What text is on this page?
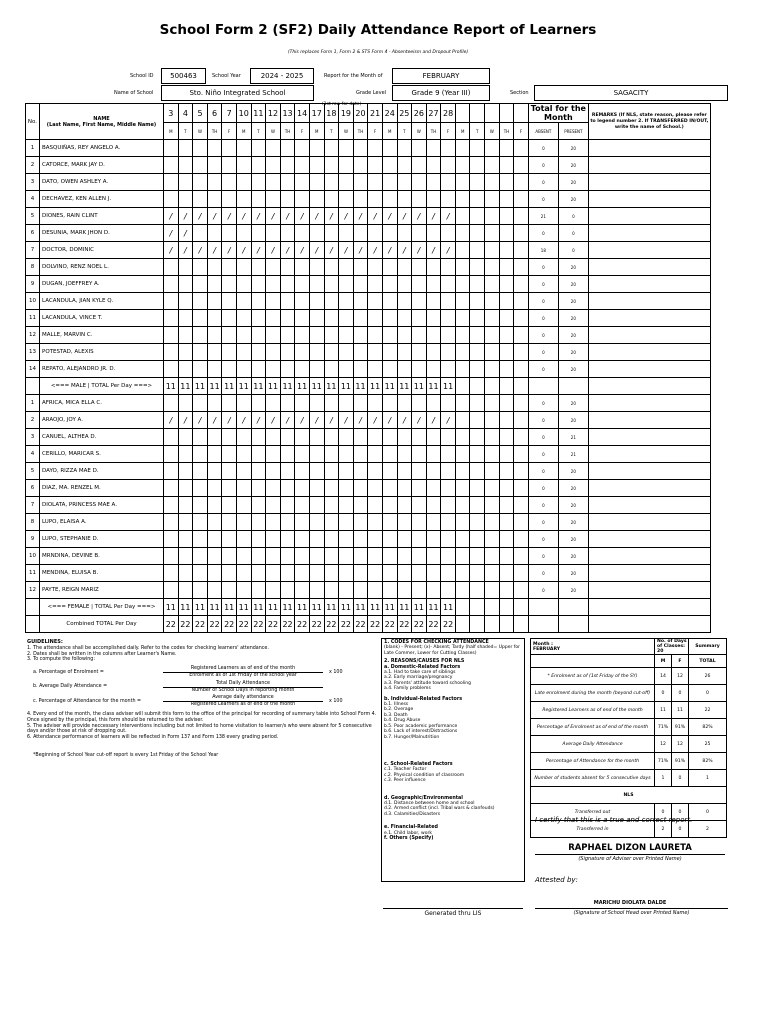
School Form 2 (SF2) Daily Attendance Report of Learners
(This replaces Form 1, Form 2 & STS Form 4 - Absenteeism and Dropout Profile)
School ID	500463	School Year	2024 - 2025	Report for the Month of	FEBRUARY
Name of School	Sto. Niño Integrated School	Grade Level	Grade 9 (Year III)	Section	SAGACITY
(1st row for date)
No.	NAME
(Last Name, First Name, Middle Name)	3	4	5	6	7	10	11	12	13	14	17	18	19	20	21	24	25	26	27	28						Total for the Month		REMARKS (If NLS, state reason, please refer to legend number 2. If TRANSFERRED IN/OUT, write the name of School.)
		M	T	W	TH	F	M	T	W	TH	F	M	T	W	TH	F	M	T	W	TH	F	M	T	W	TH	F	ABSENT	PRESENT	
1	BASQUIÑAS, REY ANGELO A.																										0	20	
2	CATORCE, MARK JAY D.																										0	20	
3	DATO, OWEN ASHLEY A.																										0	20	
4	DECHAVEZ, KEN ALLEN J.																										0	20	
5	DIONES, RAIN CLINT	/	/	/	/	/	/	/	/	/	/	/	/	/	/	/	/	/	/	/	/						21	0	
6	DESUNIA, MARK JHON D.	/	/																								0	0	
7	DOCTOR, DOMINIC	/	/	/	/	/	/	/	/	/	/	/	/	/	/	/	/	/	/	/	/						18	0	
8	DOLVINO, RENZ NOEL L.																										0	20	
9	DUGAN, JOEFFREY A.																										0	20	
10	LACANDULA, JIAN KYLE Q.																										0	20	
11	LACANDULA, VINCE T.																										0	20	
12	MALLE, MARVIN C.																										0	20	
13	POTESTAD, ALEXIS																										0	20	
14	REPATO, ALEJANDRO JR. D.																										0	20	
	<=== MALE | TOTAL Per Day ===>	11	11	11	11	11	11	11	11	11	11	11	11	11	11	11	11	11	11	11	11								
1	AFRICA, MICA ELLA C.																										0	20	
2	ARAOJO, JOY A.	/	/	/	/	/	/	/	/	/	/	/	/	/	/	/	/	/	/	/	/						0	20	
3	CANUEL, ALTHEA D.																										0	21	
4	CERILLO, MARICAR S.																										0	21	
5	DAYO, RIZZA MAE D.																										0	20	
6	DIAZ, MA. RENZEL M.																										0	20	
7	DIOLATA, PRINCESS MAE A.																										0	20	
8	LUPO, ELAISA A.																										0	20	
9	LUPO, STEPHANIE D.																										0	20	
10	MRNDINA, DEVINE B.																										0	20	
11	MENDINA, ELUISA B.																										0	20	
12	PAYTE, REIGN MARIZ																										0	20	
	<=== FEMALE | TOTAL Per Day ===>	11	11	11	11	11	11	11	11	11	11	11	11	11	11	11	11	11	11	11	11								
	Combined TOTAL Per Day	22	22	22	22	22	22	22	22	22	22	22	22	22	22	22	22	22	22	22	22								
GUIDELINES:
1. The attendance shall be accomplished daily. Refer to the codes for checking learners' attendance.
2. Dates shall be written in the columns after Learner's Name.
3. To compute the following:
a. Percentage of Enrolment =	$\frac{\text{Registered Learners as of end of the month}}{\text{Enrolment as of 1st Friday of the school year}}$ x 100
b. Average Daily Attendance =	$\frac{\text{Total Daily Attendance}}{\text{Number of School Days in reporting month}}$
c. Percentage of Attendance for the month =	$\frac{\text{Average daily attendance}}{\text{Registered Learners as of end of the month}}$ x 100
4. Every end of the month, the class adviser will submit this form to the office of the principal for recording of summary table into School Form 4. Once signed by the principal, this form should be returned to the adviser.
5. The adviser will provide neccessary interventions including but not limited to home visitation to learner/s who were absent for 5 consecutive days and/or those at risk of dropping out.
6. Attendance performance of learners will be reflected in Form 137 and Form 138 every grading period.
*Beginning of School Year cut-off report is every 1st Friday of the School Year
1. CODES FOR CHECKING ATTENDANCE
(blank) - Present; (x)- Absent; Tardy (half shaded= Upper for Late Commer, Lower for Cutting Classes)
2. REASONS/CAUSES FOR NLS
a. Domestic-Related Factors
a.1. Had to take care of siblings
a.2. Early marriage/pregnancy
a.3. Parents' attitude toward schooling
a.4. Family problems
b. Individual-Related Factors
b.1. Illness
b.2. Overage
b.3. Death
b.4. Drug Abuse
b.5. Poor academic performance
b.6. Lack of interest/Distractions
b.7. Hunger/Malnutrition
c. School-Related Factors
c.1. Teacher Factor
c.2. Physical condition of classroom
c.3. Peer influence
d. Geographic/Environmental
d.1. Distance between home and school
d.2. Armed conflict (incl. Tribal wars & clanfeuds)
d.3. Calamities/Disasters
e. Financial-Related
e.1. Child labor, work
f. Others (Specify)
Month :
FEBRUARY	No. of Days of Classes: 20		Summary
	M	F	TOTAL
* Enrolment as of (1st Friday of the SY)	14	12	26
Late enrolment during the month (beyond cut-off)	0	0	0
Registered Learners as of end of the month	11	11	22
Percentage of Enrolment as of end of the month	71%	91%	82%
Average Daily Attendance	12	12	25
Percentage of Attendance for the month	71%	91%	82%
Number of students absent for 5 consecutive days	1	0	1
NLS			
Transferred out	0	0	0
Transferred in	2	0	2
I certify that this is a true and correct report.
RAPHAEL DIZON LAURETA
(Signature of Adviser over Printed Name)
Attested by:
MARICHU DIOLATA DALDE
(Signature of School Head over Printed Name)
Generated thru LIS
